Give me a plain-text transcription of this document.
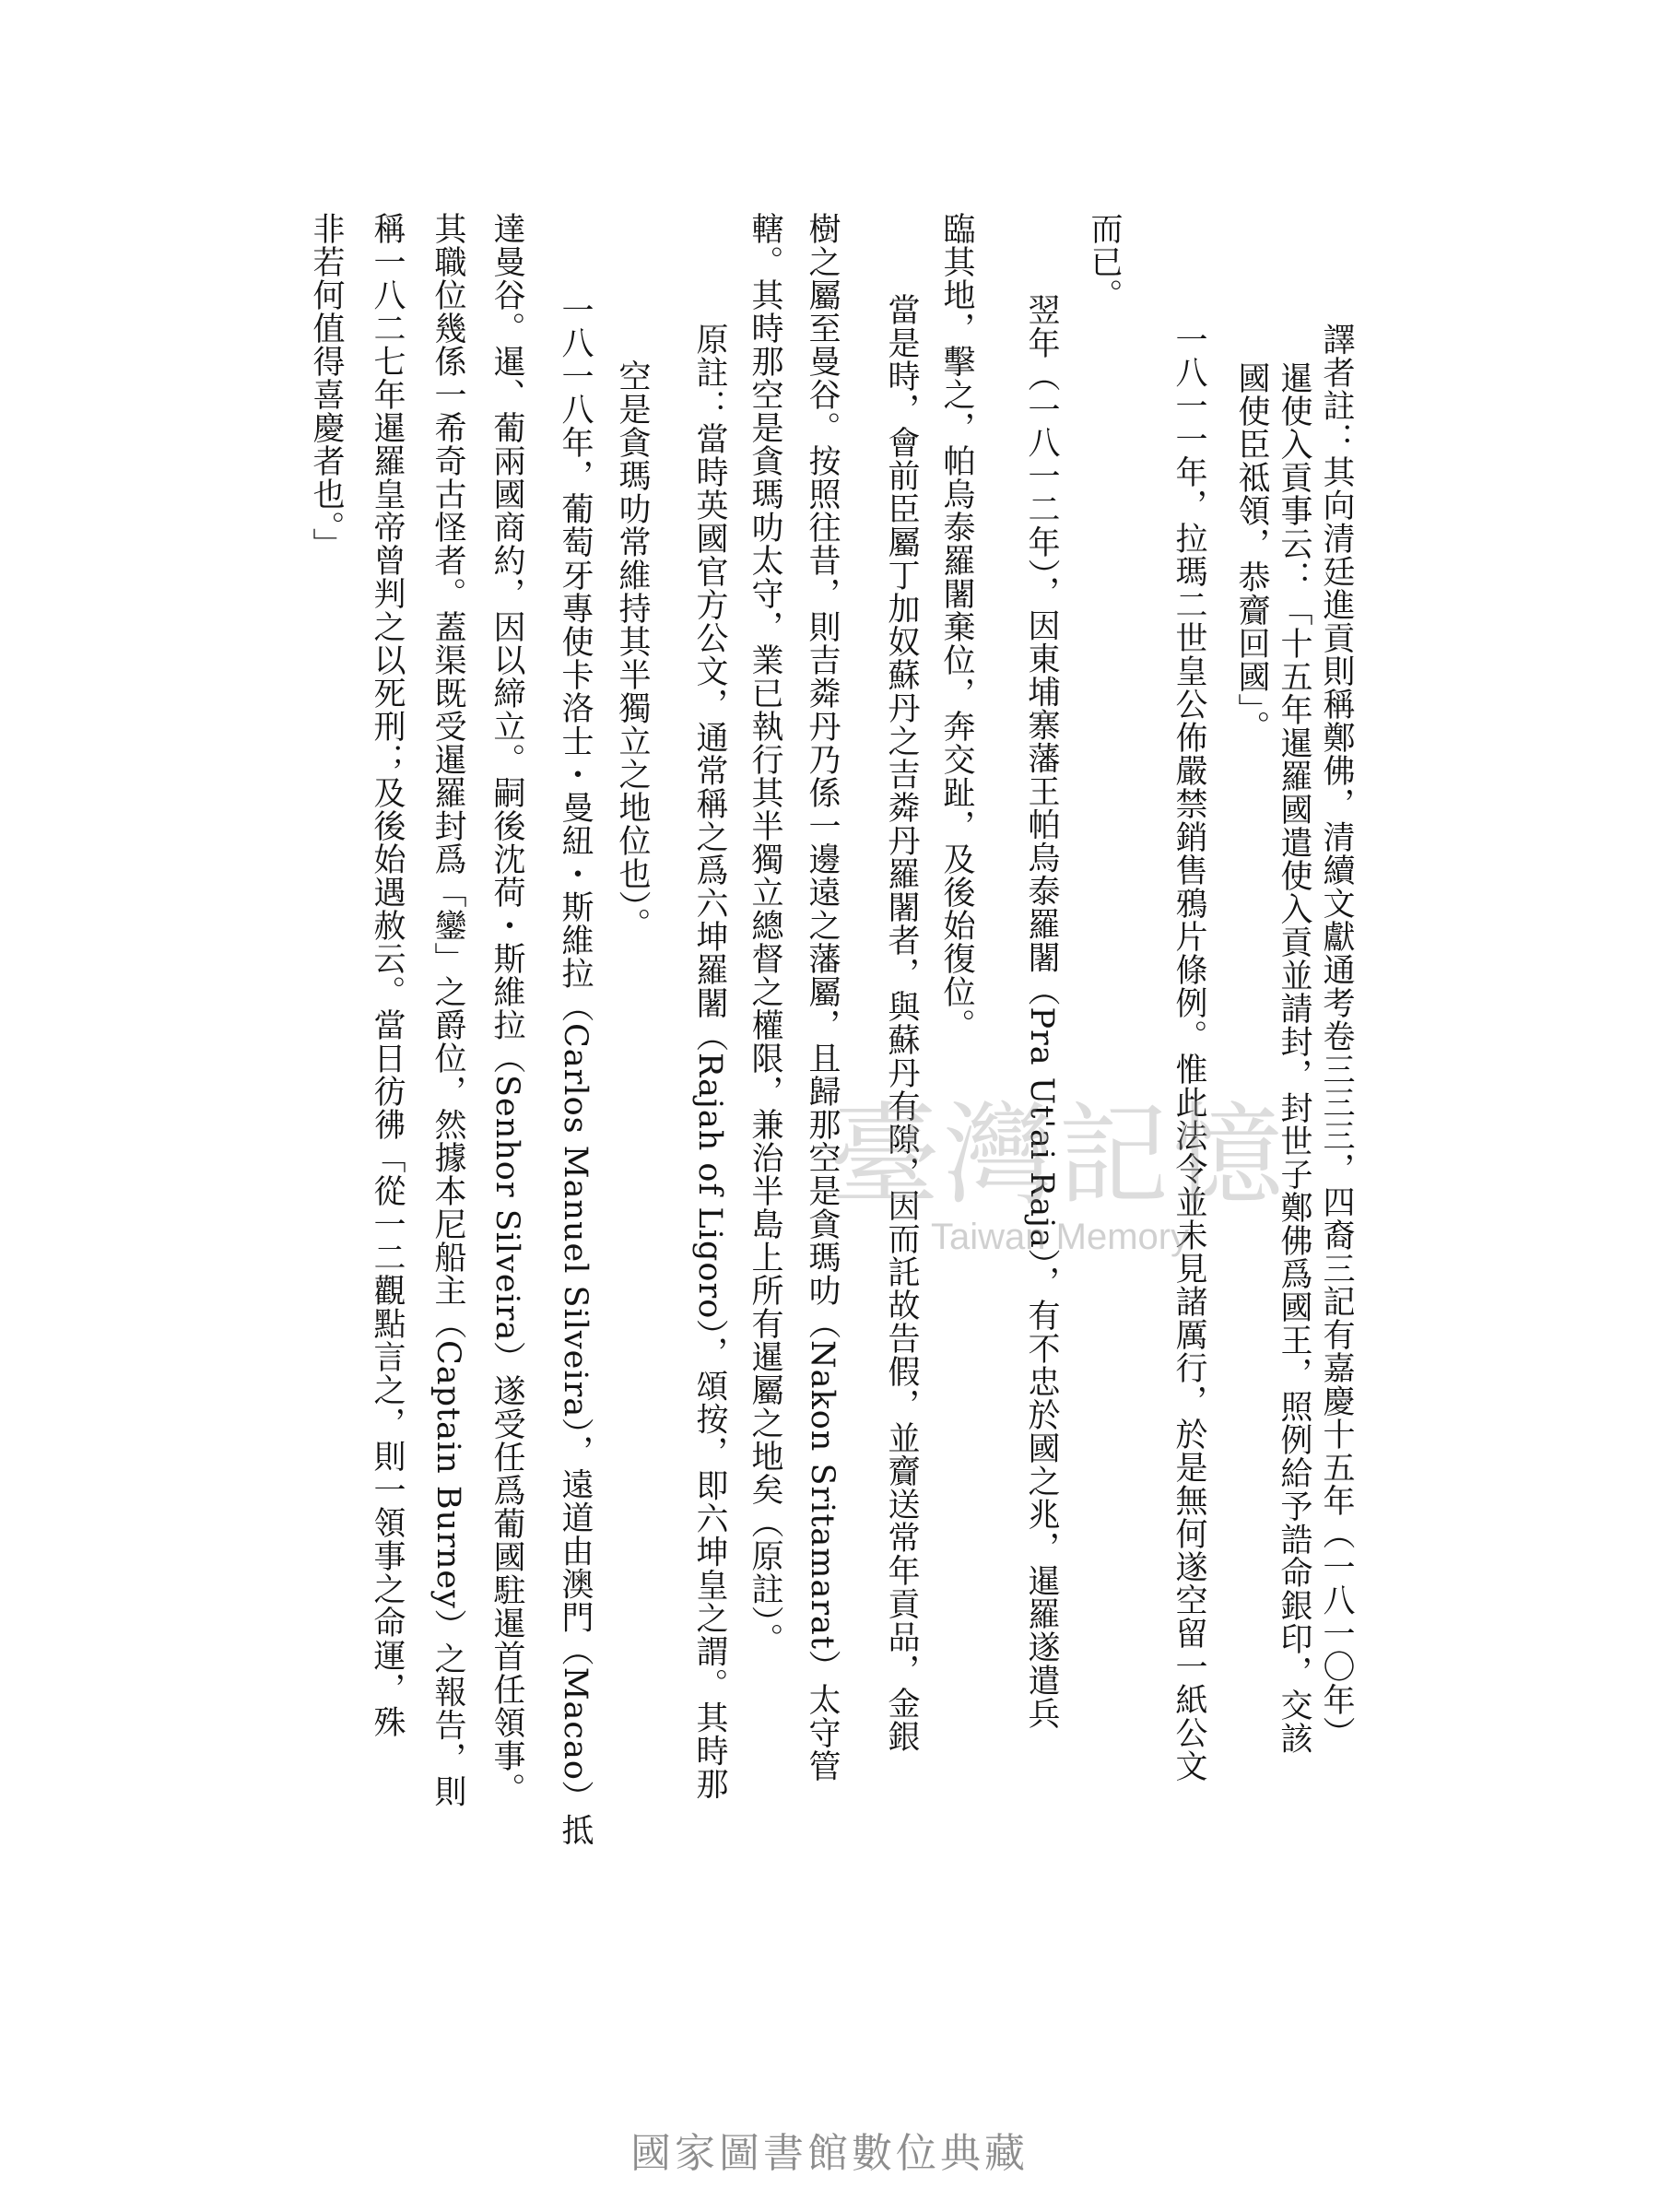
譯者註：其向清廷進貢則稱鄭佛，清續文獻通考卷三三三，四裔三記有嘉慶十五年（一八一〇年）
暹使入貢事云：「十五年暹羅國遣使入貢並請封，封世子鄭佛爲國王，照例給予誥命銀印，交該
國使臣祗領，恭齎回國」。
一八一一年，拉瑪二世皇公佈嚴禁銷售鴉片條例。惟此法令並未見諸厲行，於是無何遂空留一紙公文
而已。
翌年（一八一二年），因東埔寨藩王帕烏泰羅闍（Pra Ut'ai Raja），有不忠於國之兆，暹羅遂遣兵
臨其地，擊之，帕烏泰羅闍棄位，奔交趾，及後始復位。
當是時，會前臣屬丁加奴蘇丹之吉粦丹羅闍者，與蘇丹有隙，因而託故告假，並齎送常年貢品，金銀
樹之屬至曼谷。按照往昔，則吉粦丹乃係一邊遠之藩屬，且歸那空是貪瑪叻（Nakon Sritamarat）太守管
轄。其時那空是貪瑪叻太守，業已執行其半獨立總督之權限，兼治半島上所有暹屬之地矣（原註）。
原註：當時英國官方公文，通常稱之爲六坤羅闍（Rajah of Ligoro），頌按，即六坤皇之謂。其時那
空是貪瑪叻常維持其半獨立之地位也）。
一八一八年，葡萄牙專使卡洛士・曼紐・斯維拉（Carlos Manuel Silveira），遠道由澳門（Macao）抵
達曼谷。暹、葡兩國商約，因以締立。嗣後沈荷・斯維拉（Senhor Silveira）遂受任爲葡國駐暹首任領事。
其職位幾係一希奇古怪者。蓋渠既受暹羅封爲「鑾」之爵位，然據本尼船主（Captain Burney）之報告，則
稱一八二七年暹羅皇帝曾判之以死刑；及後始遇赦云。當日彷彿「從一二觀點言之，則一領事之命運，殊
非若何值得喜慶者也。」
臺灣記憶
Taiwan Memory
國家圖書館數位典藏
